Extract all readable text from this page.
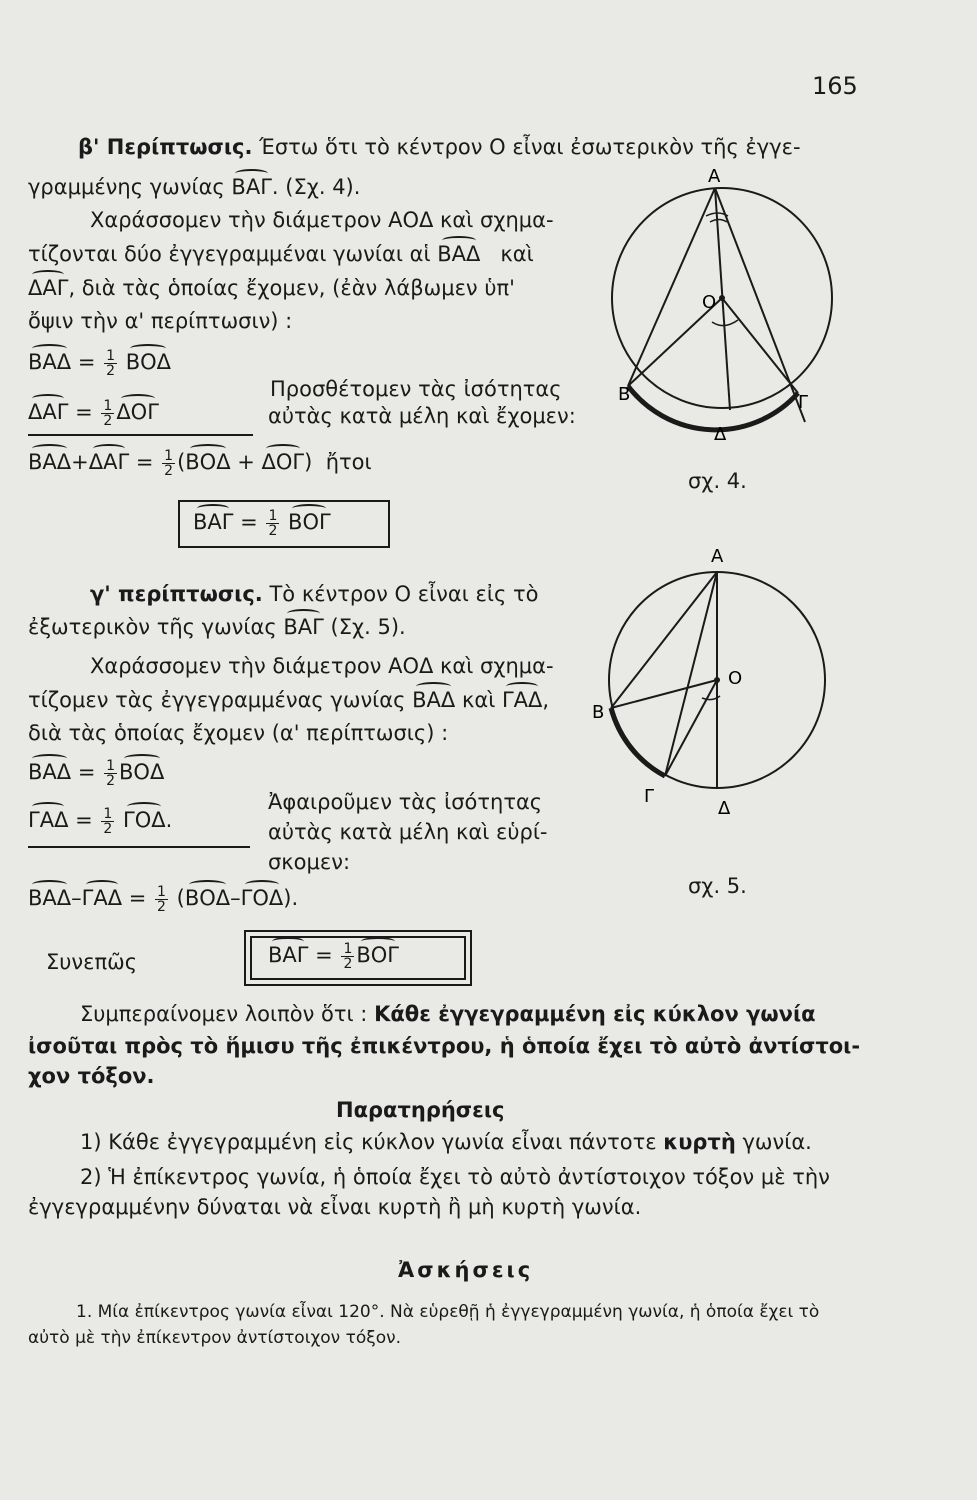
165
β' Περίπτωσις. Έστω ὅτι τὸ κέντρον Ο εἶναι ἐσωτερικὸν τῆς ἐγγε-
γραμμένης γωνίας ΒΑΓ. (Σχ. 4).
Χαράσσομεν τὴν διάμετρον ΑΟΔ καὶ σχημα-
τίζονται δύο ἐγγεγραμμέναι γωνίαι αἱ ΒΑΔ καὶ
ΔΑΓ, διὰ τὰς ὁποίας ἔχομεν, (ἐὰν λάβωμεν ὑπ'
ὄψιν τὴν α' περίπτωσιν) :
$BA\Delta = \frac{1}{2}$ ΒΟΔ
Προσθέτομεν τὰς ἰσότητας
$\Delta A\Gamma = \frac{1}{2}$ ΔΟΓ	αὐτὰς κατὰ μέλη καὶ ἔχομεν:
$BA\Delta+\Delta A\Gamma = \frac{1}{2} (BO\Delta + \Delta O\Gamma)$  ἤτοι
$BA\Gamma = \frac{1}{2}$ ΒΟΓ
γ' περίπτωσις. Τὸ κέντρον Ο εἶναι εἰς τὸ
ἐξωτερικὸν τῆς γωνίας ΒΑΓ (Σχ. 5).
Χαράσσομεν τὴν διάμετρον ΑΟΔ καὶ σχημα-
τίζομεν τὰς ἐγγεγραμμένας γωνίας ΒΑΔ καὶ ΓΑΔ,
διὰ τὰς ὁποίας ἔχομεν (α' περίπτωσις) :
$BA\Delta = \frac{1}{2}$ ΒΟΔ
Ἀφαιροῦμεν τὰς ἰσότητας
$\Gamma A\Delta = \frac{1}{2} \Gamma O\Delta$.	αὐτὰς κατὰ μέλη καὶ εὑρί-
σκομεν:
$BA\Delta-\Gamma A\Delta = \frac{1}{2} (BO\Delta-\Gamma O\Delta)$.
Συνεπῶς	$BA\Gamma = \frac{1}{2}$ ΒΟΓ
Συμπεραίνομεν λοιπὸν ὅτι : Κάθε ἐγγεγραμμένη εἰς κύκλον γωνία
ἰσοῦται πρὸς τὸ ἥμισυ τῆς ἐπικέντρου, ἡ ὁποία ἔχει τὸ αὐτὸ ἀντίστοι-
χον τόξον.
Παρατηρήσεις
1) Κάθε ἐγγεγραμμένη εἰς κύκλον γωνία εἶναι πάντοτε κυρτὴ γωνία.
2) Ἡ ἐπίκεντρος γωνία, ἡ ὁποία ἔχει τὸ αὐτὸ ἀντίστοιχον τόξον μὲ τὴν
ἐγγεγραμμένην δύναται νὰ εἶναι κυρτὴ ἢ μὴ κυρτὴ γωνία.
Ἀσκήσεις
1. Μία ἐπίκεντρος γωνία εἶναι 120°. Νὰ εὑρεθῇ ἡ ἐγγεγραμμένη γωνία, ἡ ὁποία ἔχει τὸ
αὐτὸ μὲ τὴν ἐπίκεντρον ἀντίστοιχον τόξον.
Α
Ο
Β	Γ
Δ
σχ. 4.
Α
Ο
Β
Γ
Δ
σχ. 5.
